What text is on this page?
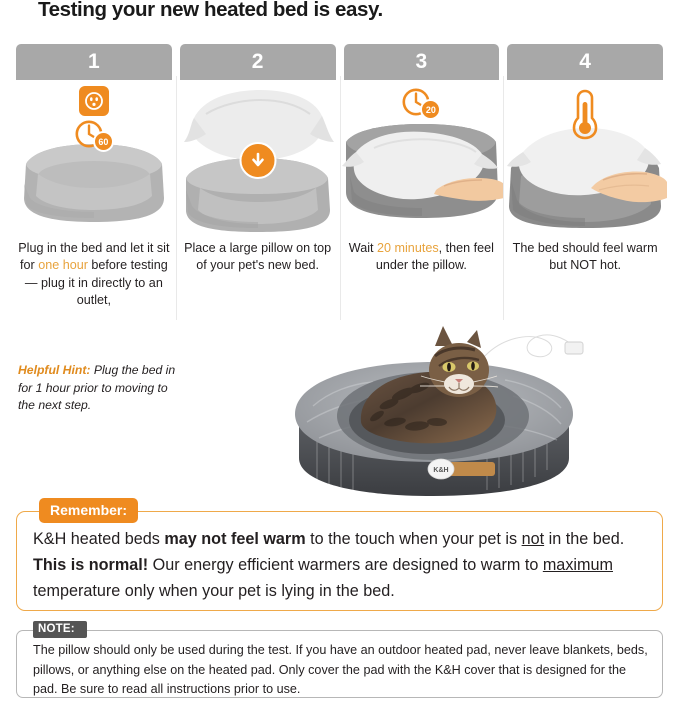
Testing your new heated bed is easy.
1
60
Plug in the bed and let it sit for one hour before testing — plug it in directly to an outlet,
2
Place a large pillow on top of your pet's new bed.
3
20
Wait 20 minutes, then feel under the pillow.
4
The bed should feel warm but NOT hot.
Helpful Hint: Plug the bed in for 1 hour prior to moving to the next step.
K&H
Remember:
K&H heated beds may not feel warm to the touch when your pet is not in the bed. This is normal! Our energy efficient warmers are designed to warm to maximum temperature only when your pet is lying in the bed.
NOTE:
The pillow should only be used during the test. If you have an outdoor heated pad, never leave blankets, beds, pillows, or anything else on the heated pad. Only cover the pad with the K&H cover that is designed for the pad. Be sure to read all instructions prior to use.
